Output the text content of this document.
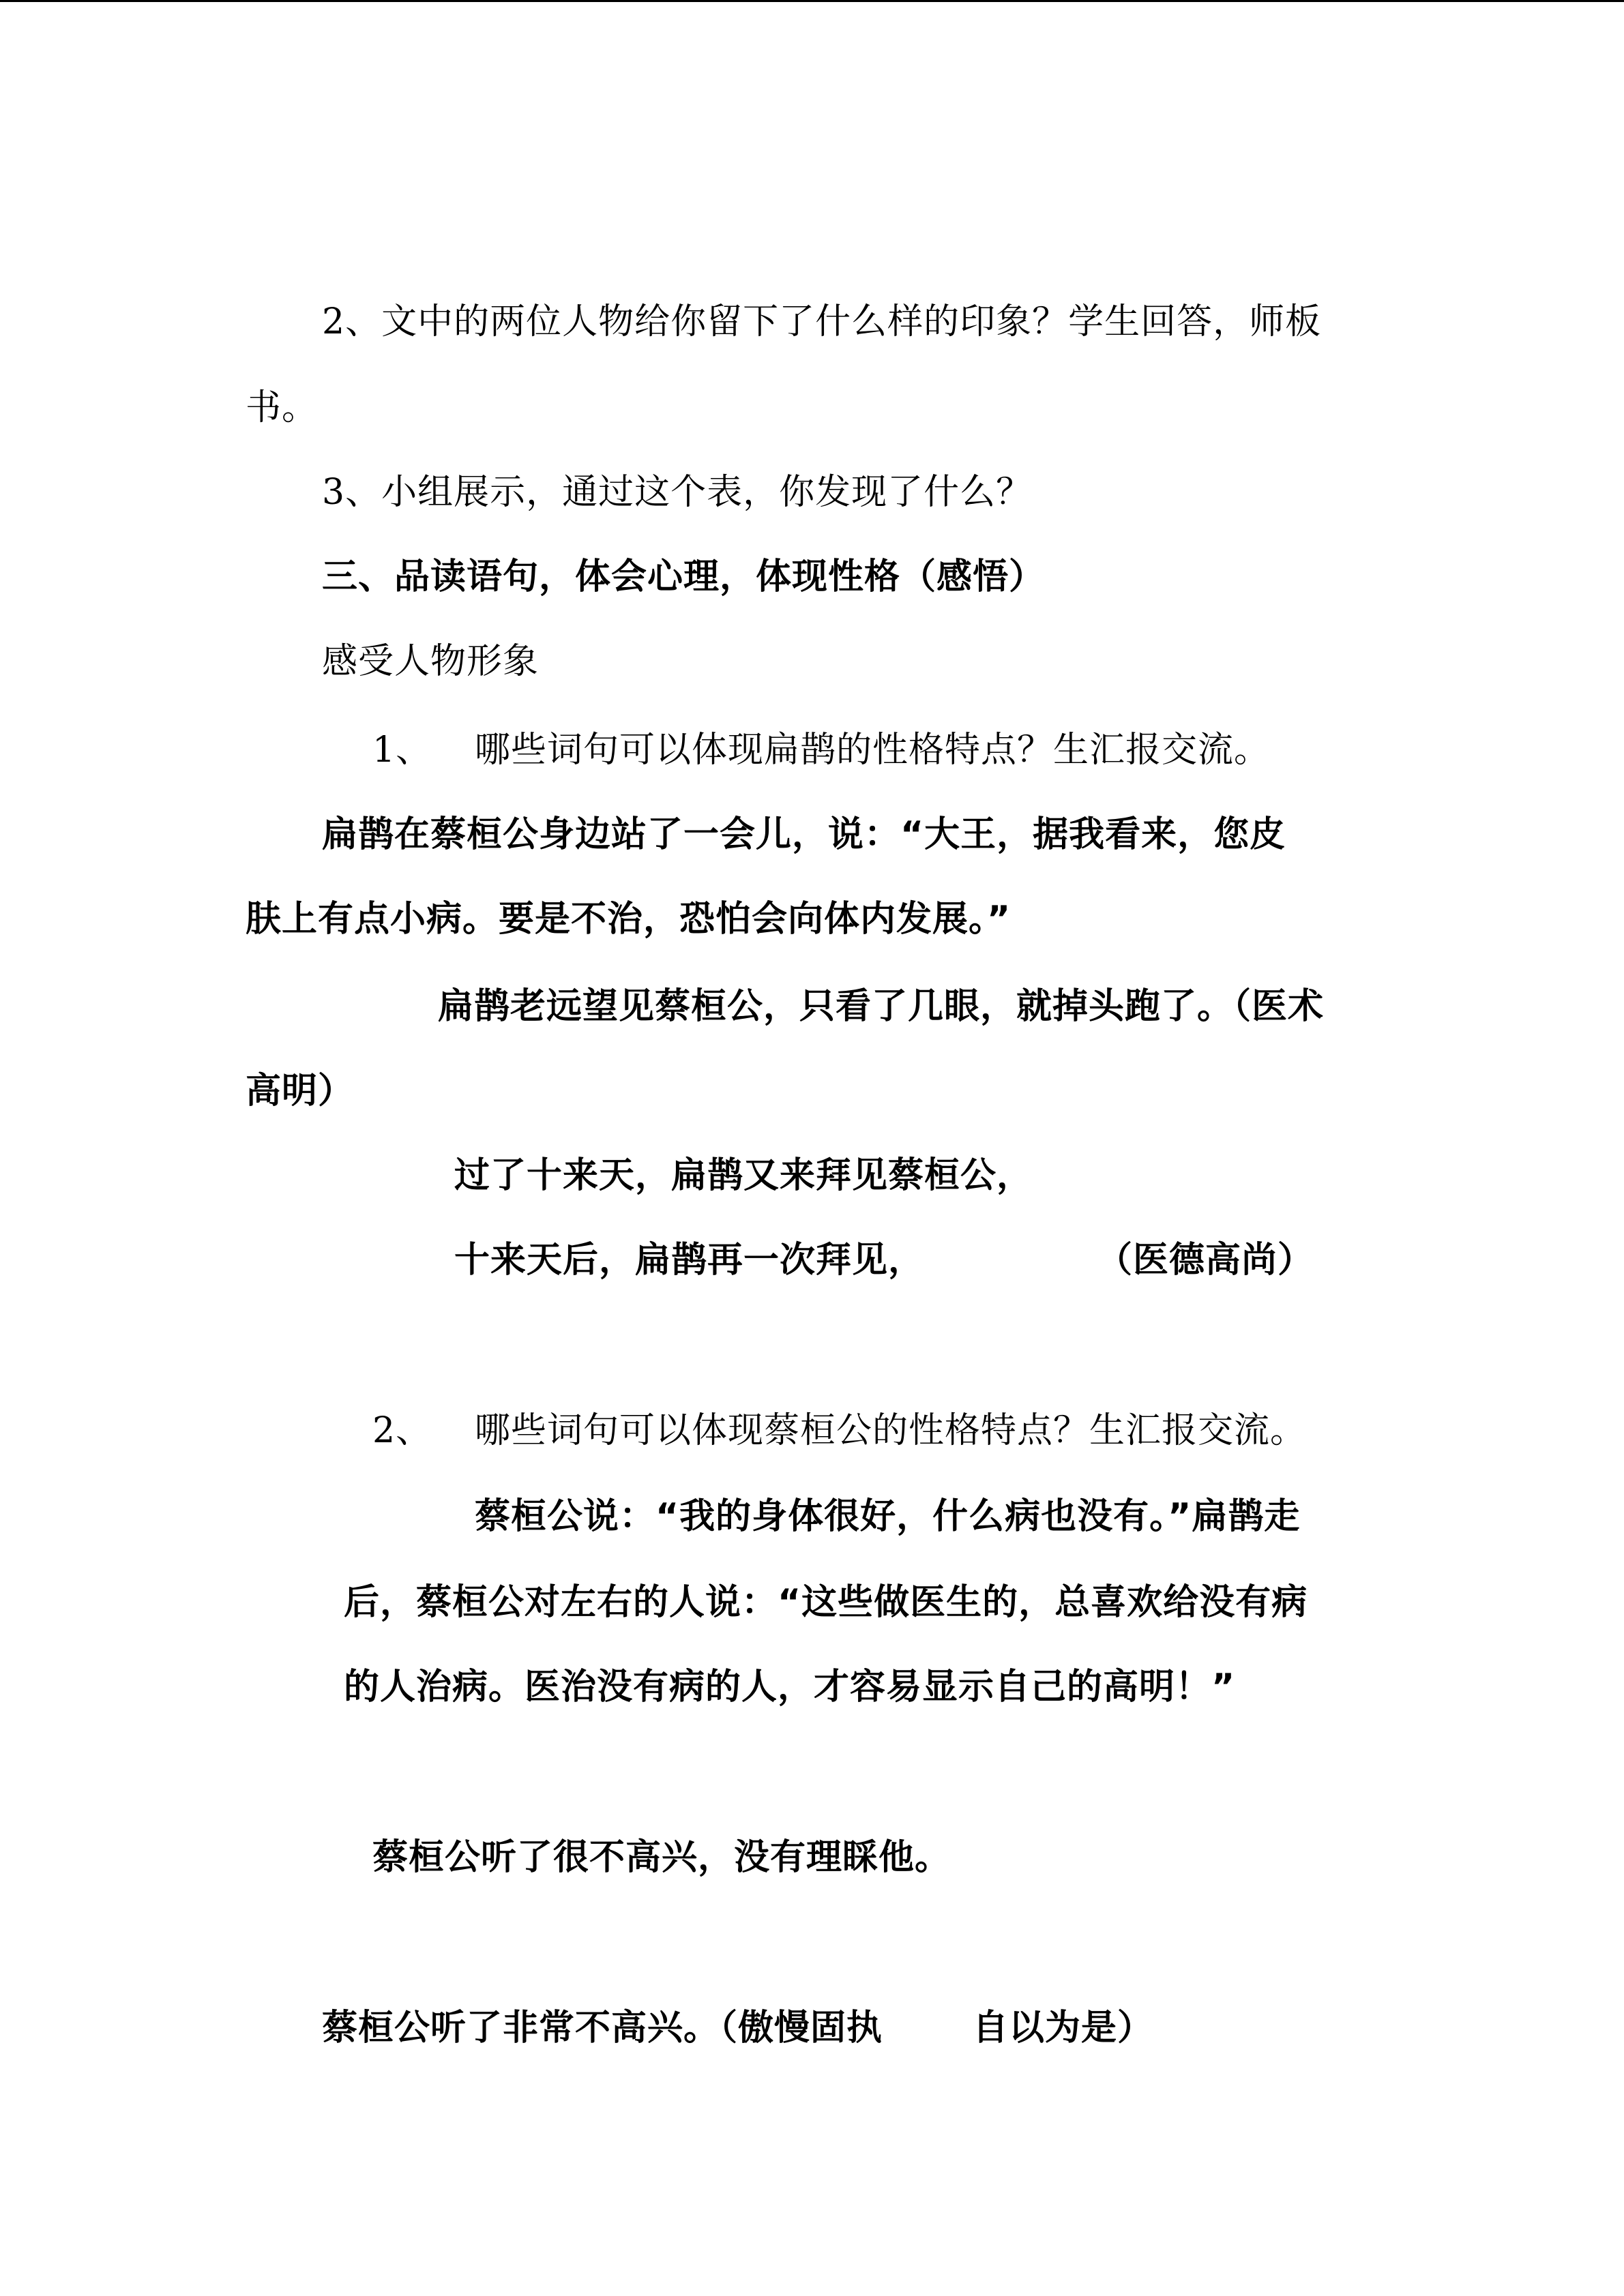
2、文中的两位人物给你留下了什么样的印象？学生回答，师板
书。
3、小组展示，通过这个表，你发现了什么？
三、品读语句，体会心理，体现性格（感悟）
感受人物形象
1、 哪些词句可以体现扁鹊的性格特点？生汇报交流。
扁鹊在蔡桓公身边站了一会儿，说：“大王，据我看来，您皮
肤上有点小病。要是不治，恐怕会向体内发展。”
扁鹊老远望见蔡桓公，只看了几眼，就掉头跑了。（医术
高明）
过了十来天，扁鹊又来拜见蔡桓公，
十来天后，扁鹊再一次拜见，	（医德高尚）
2、 哪些词句可以体现蔡桓公的性格特点？生汇报交流。
蔡桓公说：“我的身体很好，什么病也没有。”扁鹊走
后，蔡桓公对左右的人说：“这些做医生的，总喜欢给没有病
的人治病。医治没有病的人，才容易显示自己的高明！”
蔡桓公听了很不高兴，没有理睬他。
蔡桓公听了非常不高兴。（傲慢固执	自以为是）
